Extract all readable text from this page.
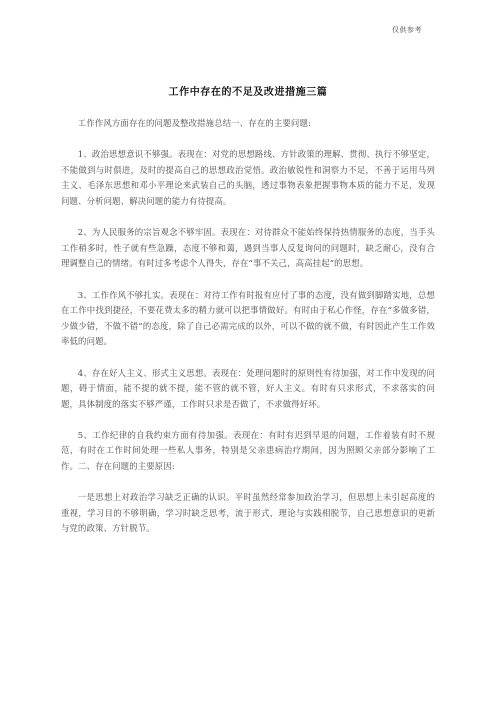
仅供参考
工作中存在的不足及改进措施三篇

工作作风方面存在的问题及整改措施总结一、存在的主要问题:

1、政治思想意识不够强。表现在：对党的思想路线、方针政策的理解、贯彻、执行不够坚定，不能做到与时俱进，及时的提高自己的思想政治觉悟。政治敏锐性和洞察力不足，不善于运用马列主义、毛泽东思想和邓小平理论来武装自己的头脑，透过事物表象把握事物本质的能力不足，发现问题、分析问题、解决问题的能力有待提高。

2、为人民服务的宗旨观念不够牢固。表现在：对待群众不能始终保持热情服务的态度，当手头工作稍多时，性子就有些急躁，态度不够和蔼，遇到当事人反复询问的问题时，缺乏耐心，没有合理调整自己的情绪。有时过多考虑个人得失，存在“事不关己，高高挂起”的思想。

3、工作作风不够扎实。表现在：对待工作有时报有应付了事的态度，没有做到脚踏实地，总想在工作中找到捷径，不要花费太多的精力就可以把事情做好。有时由于私心作怪，存在“多做多错，少做少错，不做不错”的态度，除了自己必需完成的以外，可以不做的就不做，有时因此产生工作效率低的问题。

4、存在好人主义、形式主义思想。表现在：处理问题时的原则性有待加强，对工作中发现的问题，碍于情面，能不提的就不提，能不管的就不管，好人主义。有时有只求形式，不求落实的问题，具体制度的落实不够严谨，工作时只求是否做了，不求做得好坏。

5、工作纪律的自我约束方面有待加强。表现在：有时有迟到早退的问题，工作着装有时不规范，有时在工作时间处理一些私人事务，特别是父亲患病治疗期间，因为照顾父亲部分影响了工作。二、存在问题的主要原因:

一是思想上对政治学习缺乏正确的认识。平时虽然经常参加政治学习，但思想上未引起高度的重视，学习目的不够明确，学习时缺乏思考，流于形式，理论与实践相脱节，自己思想意识的更新与党的政策、方针脱节。
